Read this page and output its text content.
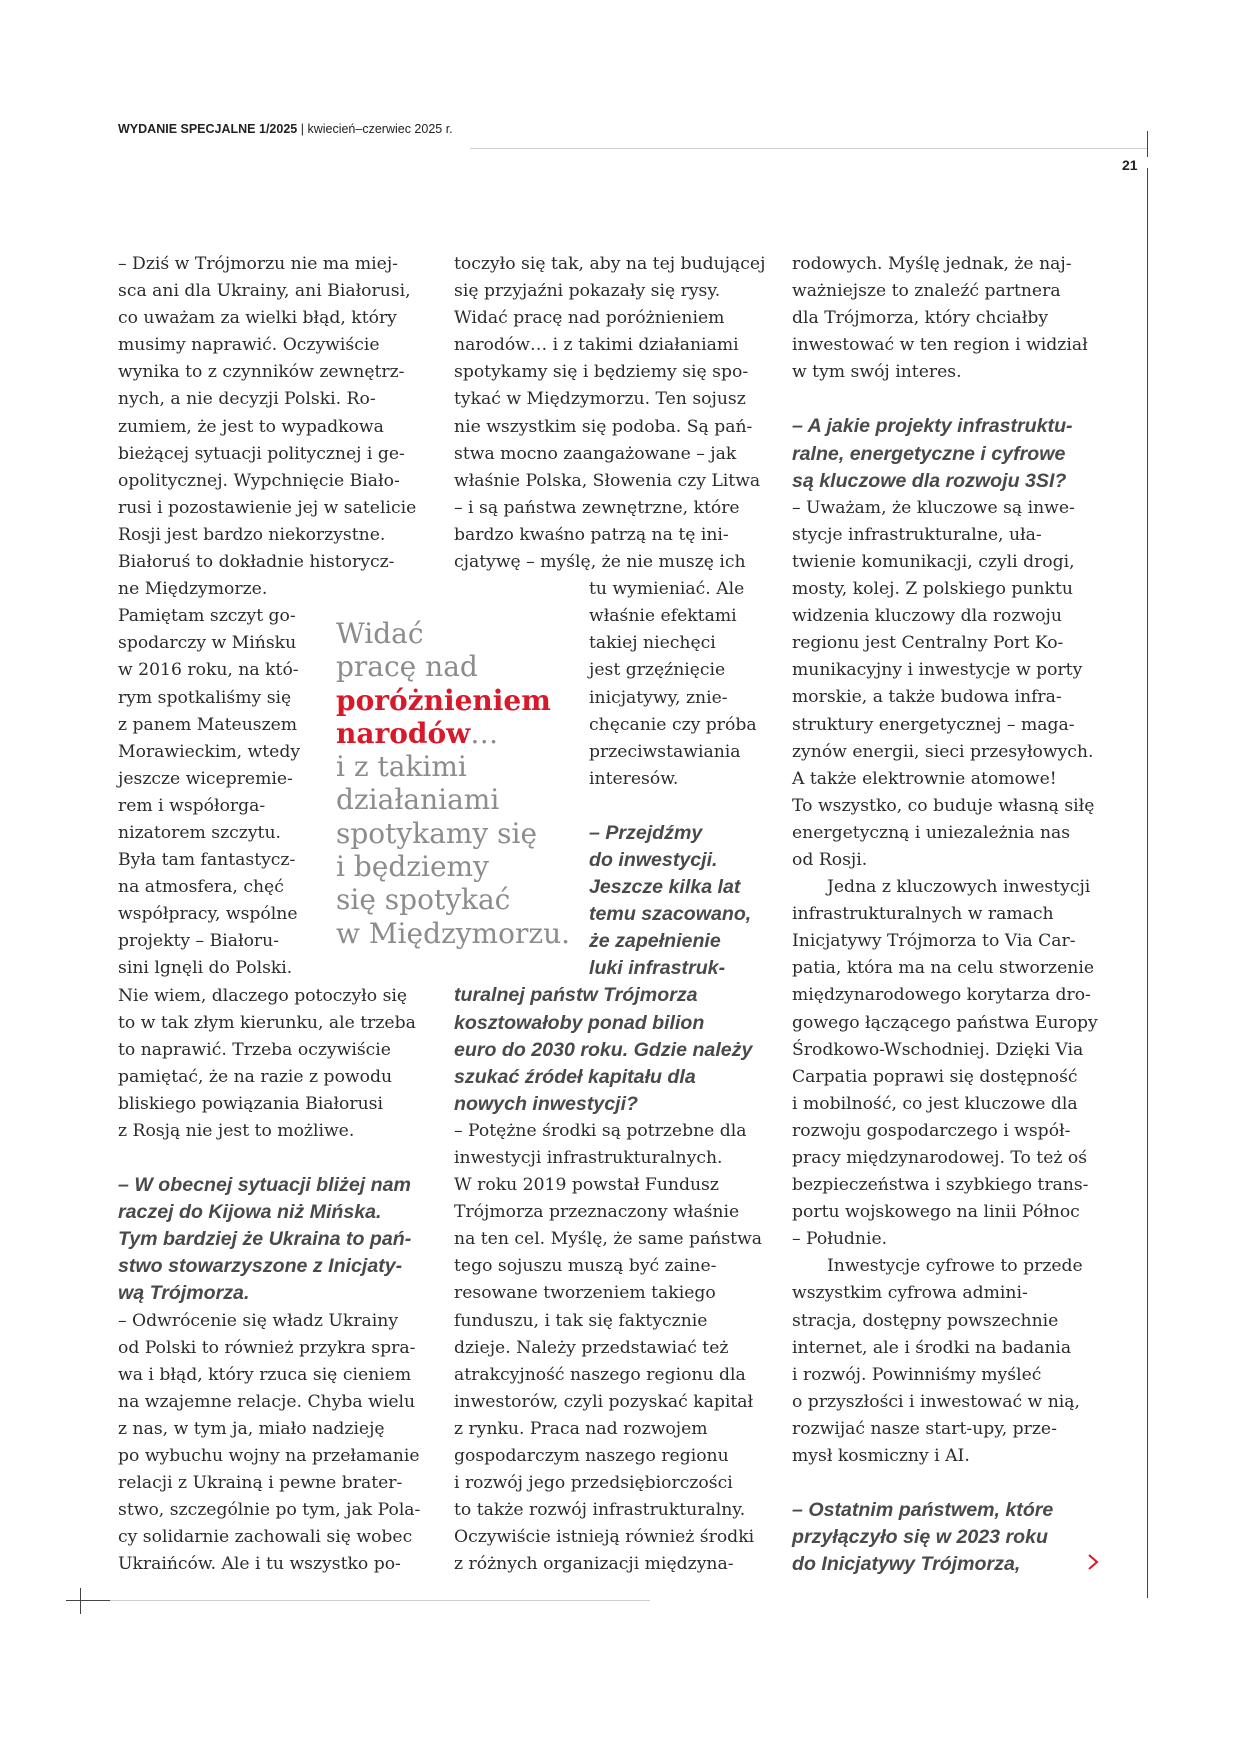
WYDANIE SPECJALNE 1/2025 | kwiecień–czerwiec 2025 r.
21

– Dziś w Trójmorzu nie ma miej-
sca ani dla Ukrainy, ani Białorusi,
co uważam za wielki błąd, który
musimy naprawić. Oczywiście
wynika to z czynników zewnętrz-
nych, a nie decyzji Polski. Ro-
zumiem, że jest to wypadkowa
bieżącej sytuacji politycznej i ge-
opolitycznej. Wypchnięcie Biało-
rusi i pozostawienie jej w satelicie
Rosji jest bardzo niekorzystne.
Białoruś to dokładnie historycz-
ne Międzymorze.

Pamiętam szczyt go-
spodarczy w Mińsku
w 2016 roku, na któ-
rym spotkaliśmy się
z panem Mateuszem
Morawieckim, wtedy
jeszcze wicepremie-
rem i współorga-
nizatorem szczytu.
Była tam fantastycz-
na atmosfera, chęć
współpracy, wspólne
projekty – Białoru-
sini lgnęli do Polski.
Nie wiem, dlaczego potoczyło się
to w tak złym kierunku, ale trzeba
to naprawić. Trzeba oczywiście
pamiętać, że na razie z powodu
bliskiego powiązania Białorusi
z Rosją nie jest to możliwe.

– W obecnej sytuacji bliżej nam
raczej do Kijowa niż Mińska.
Tym bardziej że Ukraina to pań-
stwo stowarzyszone z Inicjaty-
wą Trójmorza.

– Odwrócenie się władz Ukrainy
od Polski to również przykra spra-
wa i błąd, który rzuca się cieniem
na wzajemne relacje. Chyba wielu
z nas, w tym ja, miało nadzieję
po wybuchu wojny na przełamanie
relacji z Ukrainą i pewne brater-
stwo, szczególnie po tym, jak Pola-
cy solidarnie zachowali się wobec
Ukraińców. Ale i tu wszystko po-

Widać
pracę nad
poróżnieniem
narodów…
i z takimi
działaniami
spotykamy się
i będziemy
się spotykać
w Międzymorzu.

toczyło się tak, aby na tej budującej
się przyjaźni pokazały się rysy.
Widać pracę nad poróżnieniem
narodów… i z takimi działaniami
spotykamy się i będziemy się spo-
tykać w Międzymorzu. Ten sojusz
nie wszystkim się podoba. Są pań-
stwa mocno zaangażowane – jak
właśnie Polska, Słowenia czy Litwa
– i są państwa zewnętrzne, które
bardzo kwaśno patrzą na tę ini-
cjatywę – myślę, że nie muszę ich

tu wymieniać. Ale
właśnie efektami
takiej niechęci
jest grzęźnięcie
inicjatywy, znie-
chęcanie czy próba
przeciwstawiania
interesów.

– Przejdźmy
do inwestycji.
Jeszcze kilka lat
temu szacowano,
że zapełnienie
luki infrastruk-
turalnej państw Trójmorza
kosztowałoby ponad bilion
euro do 2030 roku. Gdzie należy
szukać źródeł kapitału dla
nowych inwestycji?

– Potężne środki są potrzebne dla
inwestycji infrastrukturalnych.
W roku 2019 powstał Fundusz
Trójmorza przeznaczony właśnie
na ten cel. Myślę, że same państwa
tego sojuszu muszą być zaine-
resowane tworzeniem takiego
funduszu, i tak się faktycznie
dzieje. Należy przedstawiać też
atrakcyjność naszego regionu dla
inwestorów, czyli pozyskać kapitał
z rynku. Praca nad rozwojem
gospodarczym naszego regionu
i rozwój jego przedsiębiorczości
to także rozwój infrastrukturalny.
Oczywiście istnieją również środki
z różnych organizacji międzyna-

rodowych. Myślę jednak, że naj-
ważniejsze to znaleźć partnera
dla Trójmorza, który chciałby
inwestować w ten region i widział
w tym swój interes.

– A jakie projekty infrastruktu-
ralne, energetyczne i cyfrowe
są kluczowe dla rozwoju 3SI?

– Uważam, że kluczowe są inwe-
stycje infrastrukturalne, uła-
twienie komunikacji, czyli drogi,
mosty, kolej. Z polskiego punktu
widzenia kluczowy dla rozwoju
regionu jest Centralny Port Ko-
munikacyjny i inwestycje w porty
morskie, a także budowa infra-
struktury energetycznej – maga-
zynów energii, sieci przesyłowych.
A także elektrownie atomowe!
To wszystko, co buduje własną siłę
energetyczną i uniezależnia nas
od Rosji.

Jedna z kluczowych inwestycji
infrastrukturalnych w ramach
Inicjatywy Trójmorza to Via Car-
patia, która ma na celu stworzenie
międzynarodowego korytarza dro-
gowego łączącego państwa Europy
Środkowo-Wschodniej. Dzięki Via
Carpatia poprawi się dostępność
i mobilność, co jest kluczowe dla
rozwoju gospodarczego i współ-
pracy międzynarodowej. To też oś
bezpieczeństwa i szybkiego trans-
portu wojskowego na linii Północ
– Południe.

Inwestycje cyfrowe to przede
wszystkim cyfrowa admini-
stracja, dostępny powszechnie
internet, ale i środki na badania
i rozwój. Powinniśmy myśleć
o przyszłości i inwestować w nią,
rozwijać nasze start-upy, prze-
mysł kosmiczny i AI.

– Ostatnim państwem, które
przyłączyło się w 2023 roku
do Inicjatywy Trójmorza,
